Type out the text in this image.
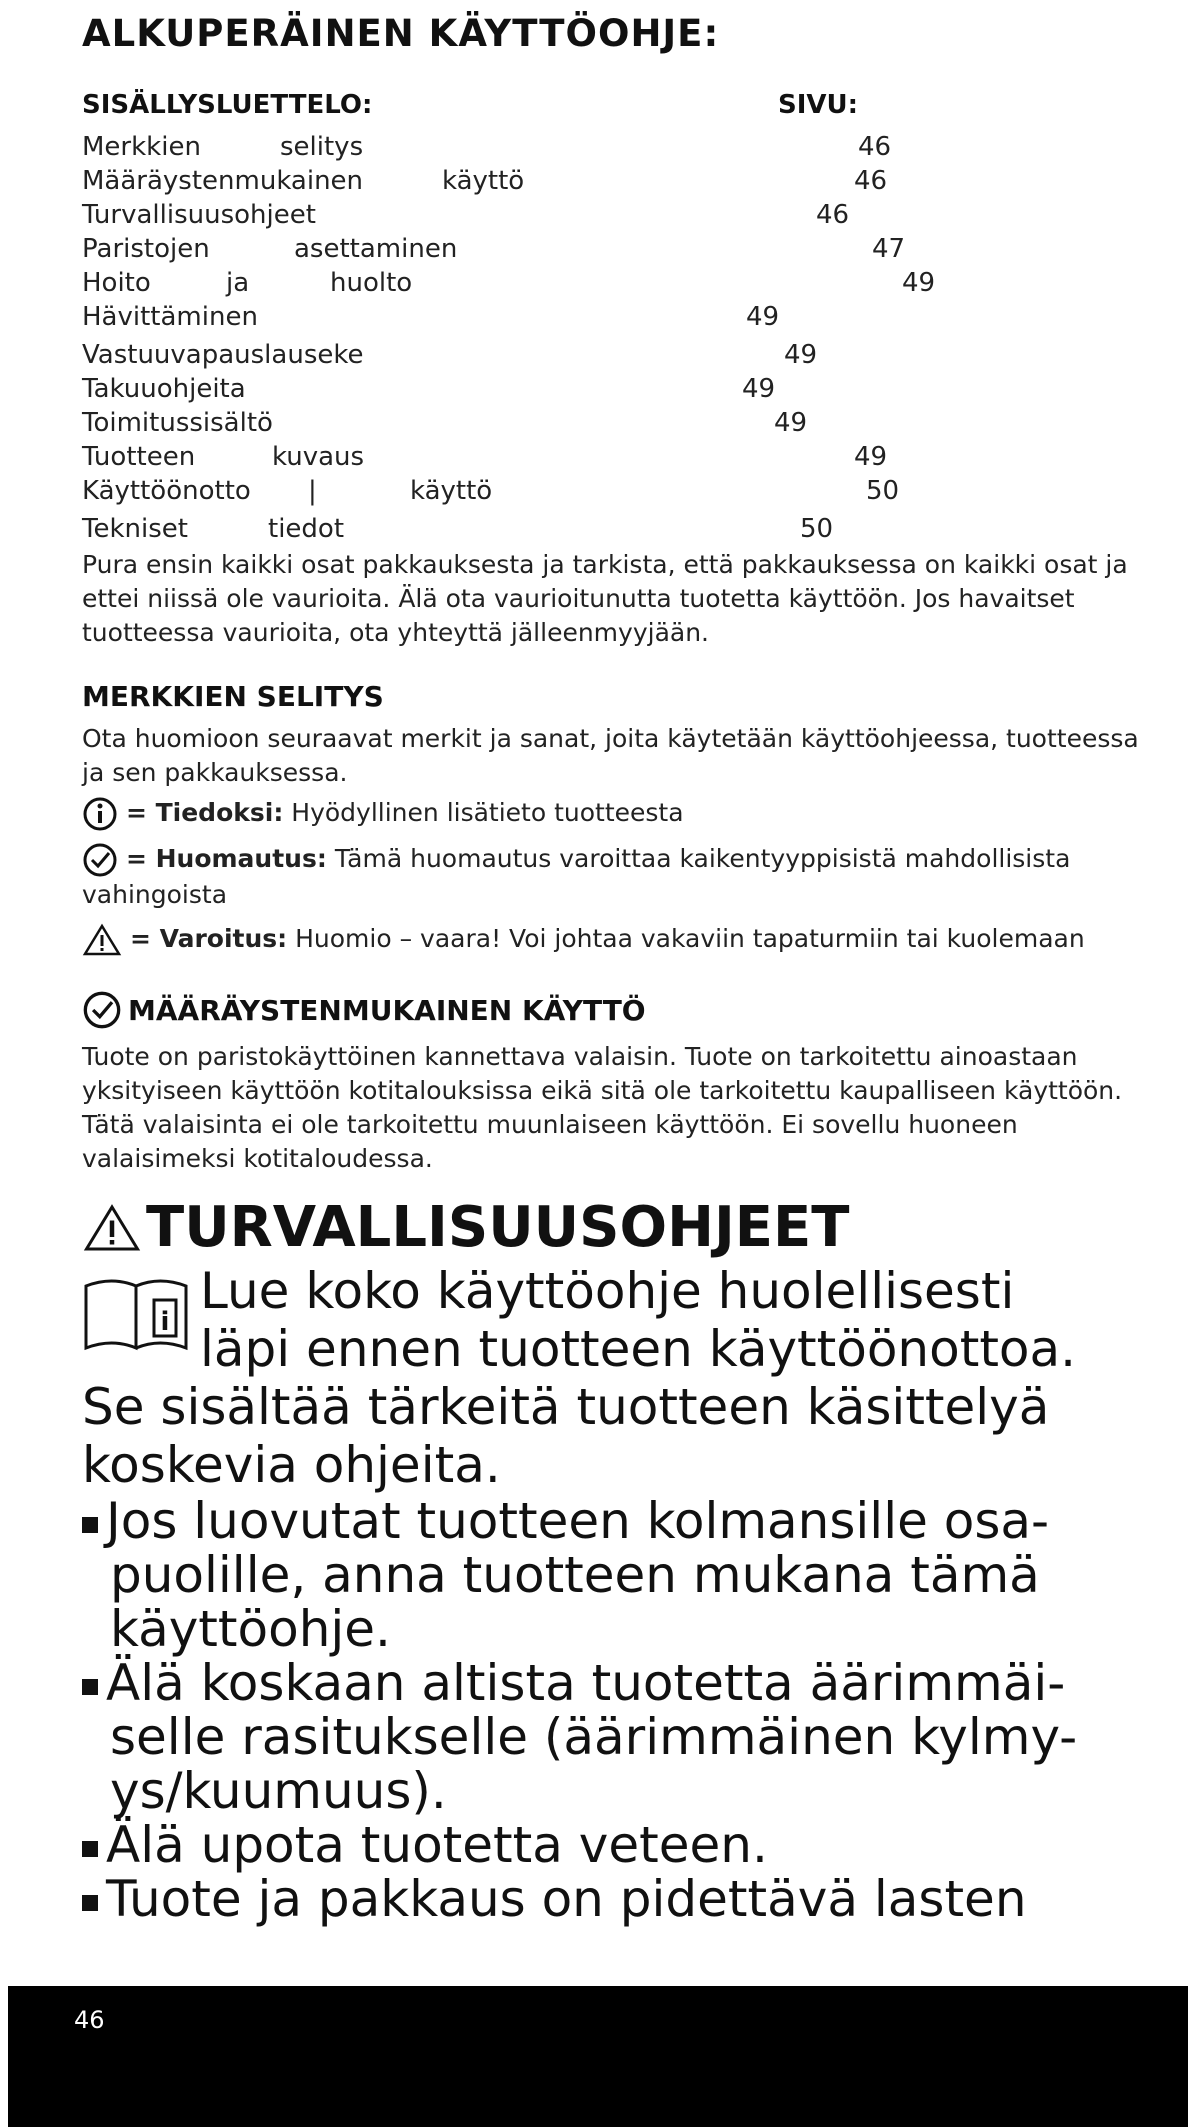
ALKUPERÄINEN KÄYTTÖOHJE:
SISÄLLYSLUETTELO:	SIVU:
Merkkien	selitys	46
Määräystenmukainen	käyttö	46
Turvallisuusohjeet	46
Paristojen	asettaminen	47
Hoito	ja	huolto	49
Hävittäminen	49
Vastuuvapauslauseke	49
Takuuohjeita	49
Toimitussisältö	49
Tuotteen	kuvaus	49
Käyttöönotto |	käyttö	50
Tekniset	tiedot	50

Pura ensin kaikki osat pakkauksesta ja tarkista, että pakkauksessa on kaikki osat ja ettei niissä ole vaurioita. Älä ota vaurioitunutta tuotetta käyttöön. Jos havaitset tuotteessa vaurioita, ota yhteyttä jälleenmyyjään.

MERKKIEN SELITYS

Ota huomioon seuraavat merkit ja sanat, joita käytetään käyttöohjeessa, tuotteessa ja sen pakkauksessa.

= Tiedoksi: Hyödyllinen lisätieto tuotteesta
= Huomautus: Tämä huomautus varoittaa kaikentyyppisistä mahdollisista vahingoista
= Varoitus: Huomio – vaara! Voi johtaa vakaviin tapaturmiin tai kuolemaan
MÄÄRÄYSTENMUKAINEN KÄYTTÖ

Tuote on paristokäyttöinen kannettava valaisin. Tuote on tarkoitettu ainoastaan yksityiseen käyttöön kotitalouksissa eikä sitä ole tarkoitettu kaupalliseen käyttöön. Tätä valaisinta ei ole tarkoitettu muunlaiseen käyttöön. Ei sovellu huoneen valaisimeksi kotitaloudessa.

TURVALLISUUSOHJEET
i

Lue koko käyttöohje huolellisesti

läpi ennen tuotteen käyttöönottoa.

Se sisältää tärkeitä tuotteen käsittelyä

koskevia ohjeita.

Jos luovutat tuotteen kolmansille osa-
puolille, anna tuotteen mukana tämä
käyttöohje.
Älä koskaan altista tuotetta äärimmäi-
selle rasitukselle (äärimmäinen kylmy-
ys/kuumuus).
Älä upota tuotetta veteen.
Tuote ja pakkaus on pidettävä lasten
46
